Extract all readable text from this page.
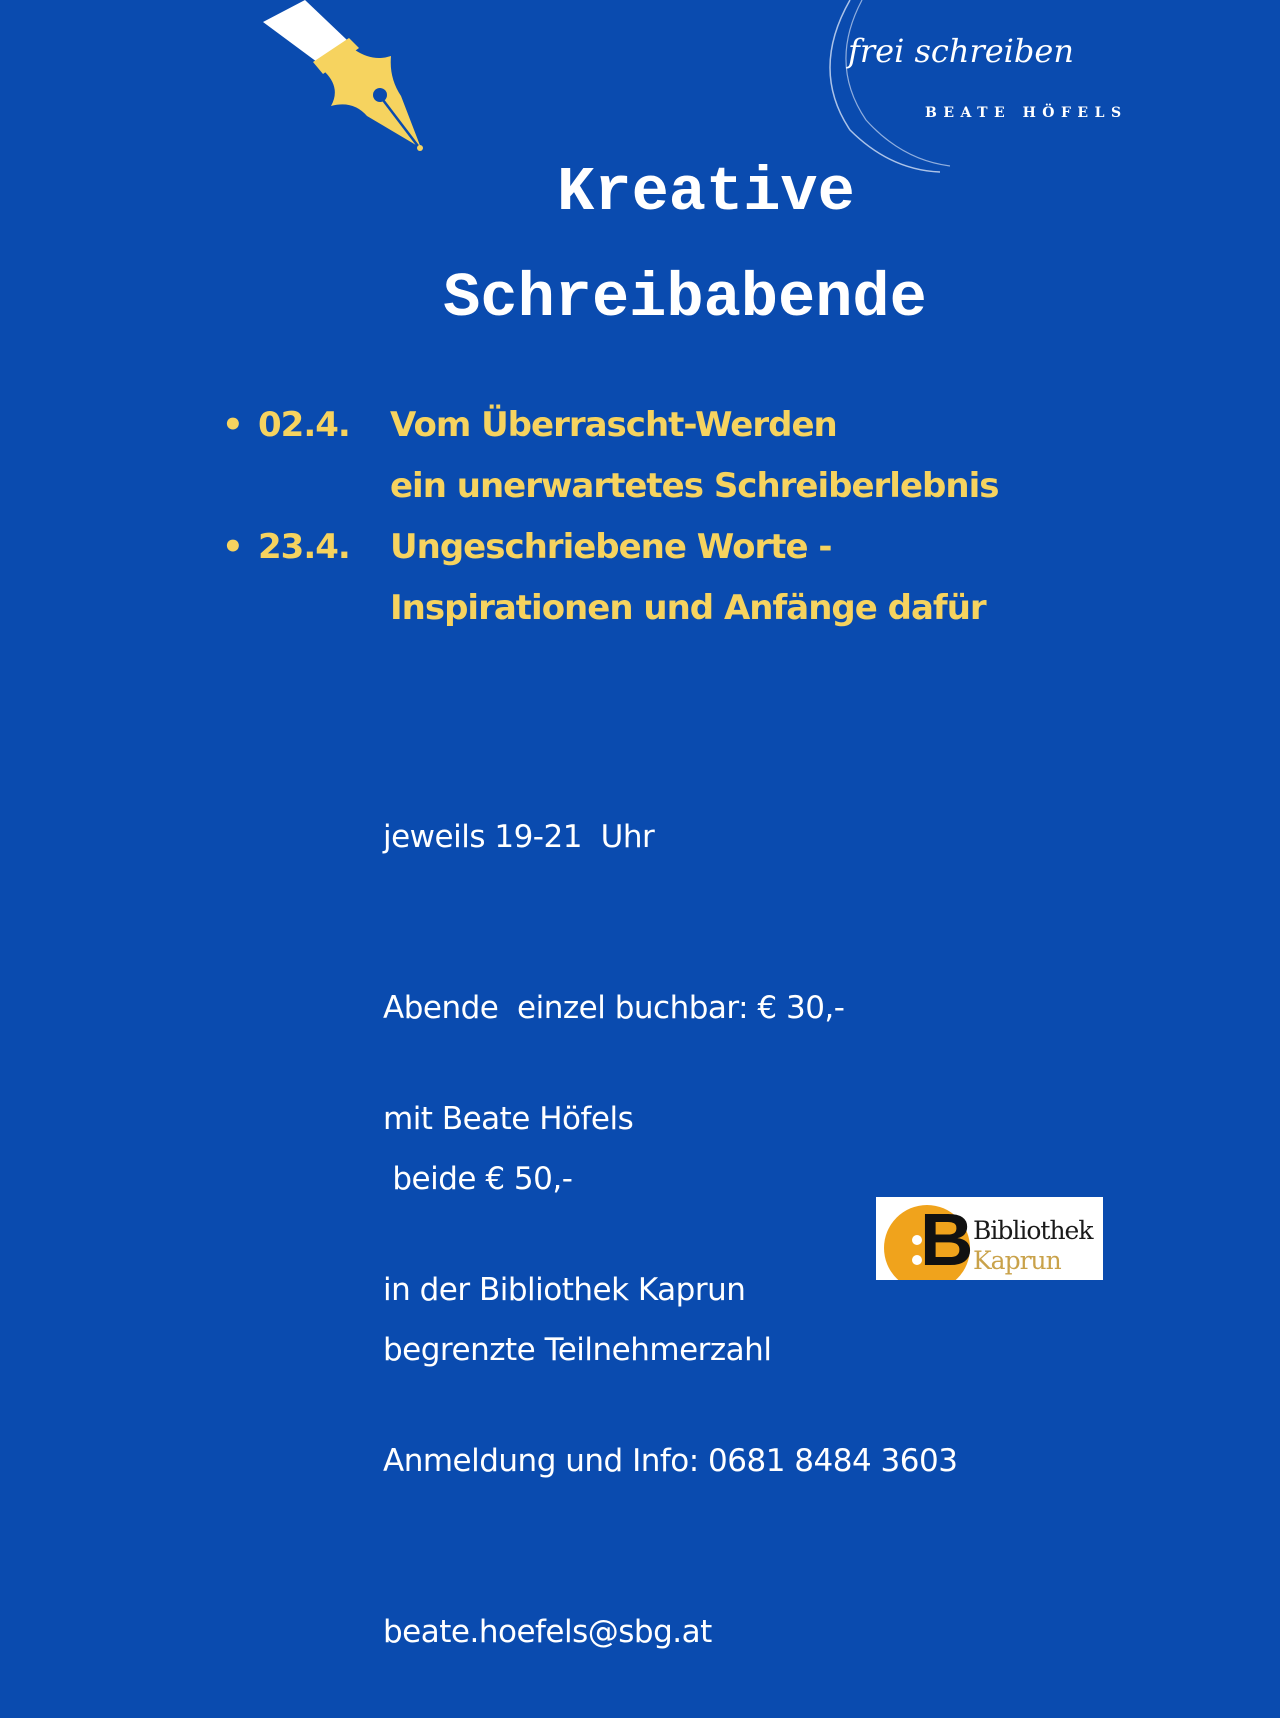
frei schreiben
BEATE HÖFELS
Kreative
Schreibabende
• 02.4.	Vom Überrascht-Werden
ein unerwartetes Schreiberlebnis
• 23.4.	Ungeschriebene Worte -
Inspirationen und Anfänge dafür

jeweils 19-21  Uhr

Abende  einzel buchbar: € 30,-

beide € 50,-

begrenzte Teilnehmerzahl

mit Beate Höfels

in der Bibliothek Kaprun

Anmeldung und Info: 0681 8484 3603

beate.hoefels@sbg.at

B Bibliothek
Kaprun
